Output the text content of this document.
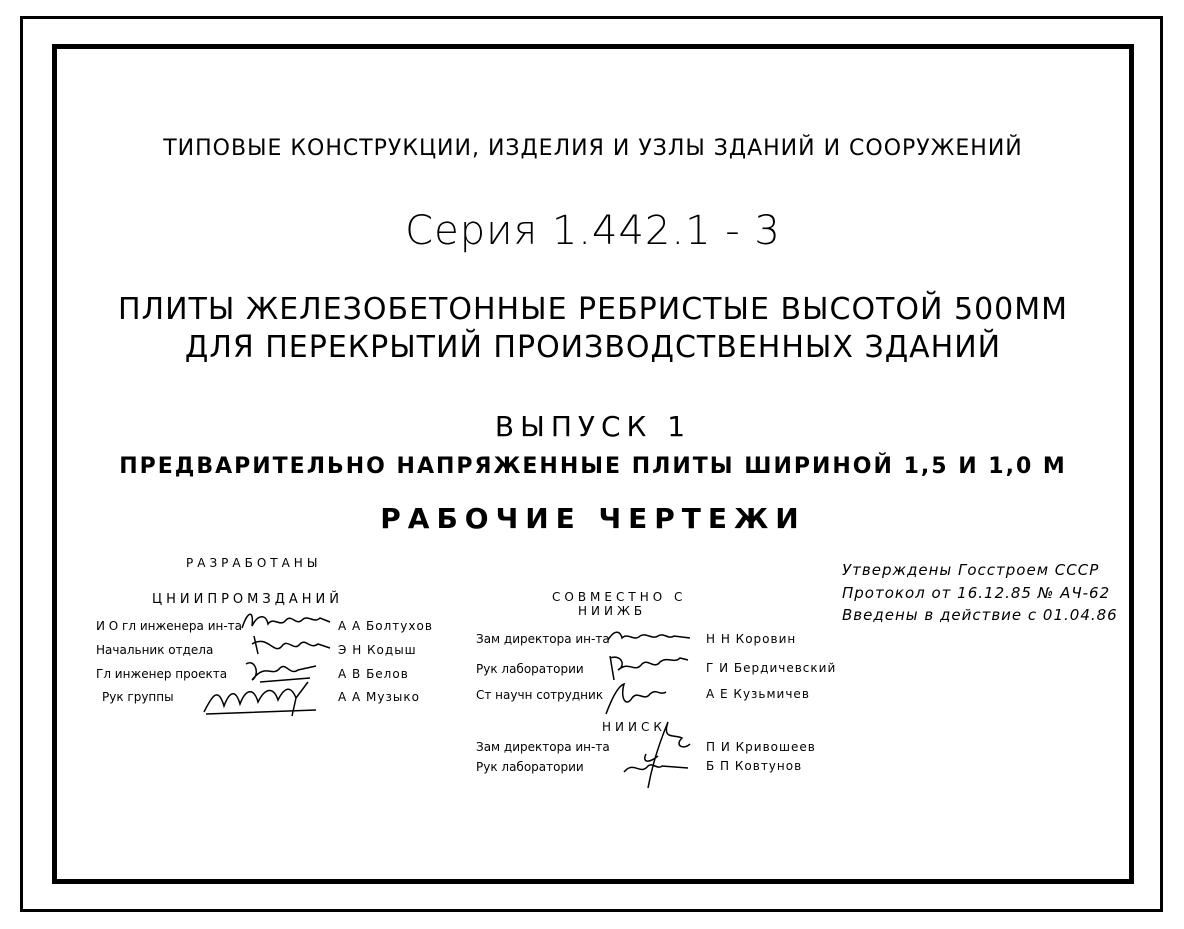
ТИПОВЫЕ КОНСТРУКЦИИ, ИЗДЕЛИЯ И УЗЛЫ ЗДАНИЙ И СООРУЖЕНИЙ
Серия 1.442.1 - 3
ПЛИТЫ ЖЕЛЕЗОБЕТОННЫЕ РЕБРИСТЫЕ ВЫСОТОЙ 500ММ
ДЛЯ ПЕРЕКРЫТИЙ ПРОИЗВОДСТВЕННЫХ ЗДАНИЙ
ВЫПУСК 1
ПРЕДВАРИТЕЛЬНО НАПРЯЖЕННЫЕ ПЛИТЫ ШИРИНОЙ 1,5 И 1,0 М
РАБОЧИЕ ЧЕРТЕЖИ
РАЗРАБОТАНЫ
ЦНИИПРОМЗДАНИЙ
И О гл инженера ин-та	А А Болтухов
Начальник отдела	Э Н Кодыш
Гл инженер проекта	А В Белов
Рук группы	А А Музыко
СОВМЕСТНО С
НИИЖБ
Зам директора ин-та	Н Н Коровин
Рук лаборатории	Г И Бердичевский
Ст научн сотрудник	А Е Кузьмичев
НИИСК
Зам директора ин-та	П И Кривошеев
Рук лаборатории	Б П Ковтунов
Утверждены Госстроем СССР
Протокол от 16.12.85 № АЧ-62
Введены в действие с 01.04.86
